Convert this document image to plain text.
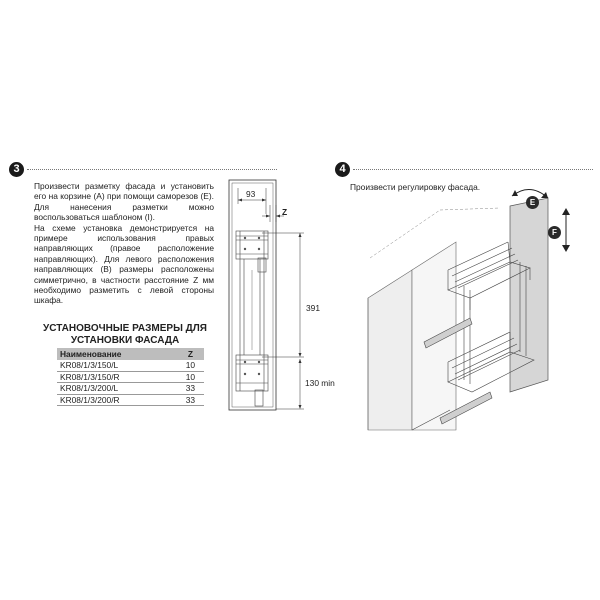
3

Произвести разметку фасада и установить его на корзине (А) при помощи саморезов (Е). Для нанесения разметки можно воспользоваться шаблоном (I).

На схеме установка демонстрируется на примере использования правых направляющих (правое расположение направляющих). Для левого расположения направляющих (В) размеры расположены симметрично, в частности расстояние Z мм необходимо разметить с левой стороны шкафа.

УСТАНОВОЧНЫЕ РАЗМЕРЫ ДЛЯ УСТАНОВКИ ФАСАДА
Наименование	Z
KR08/1/3/150/L	10
KR08/1/3/150/R	10
KR08/1/3/200/L	33
KR08/1/3/200/R	33
93
Z
391
130 min
4
Произвести регулировку фасада.
E
F
